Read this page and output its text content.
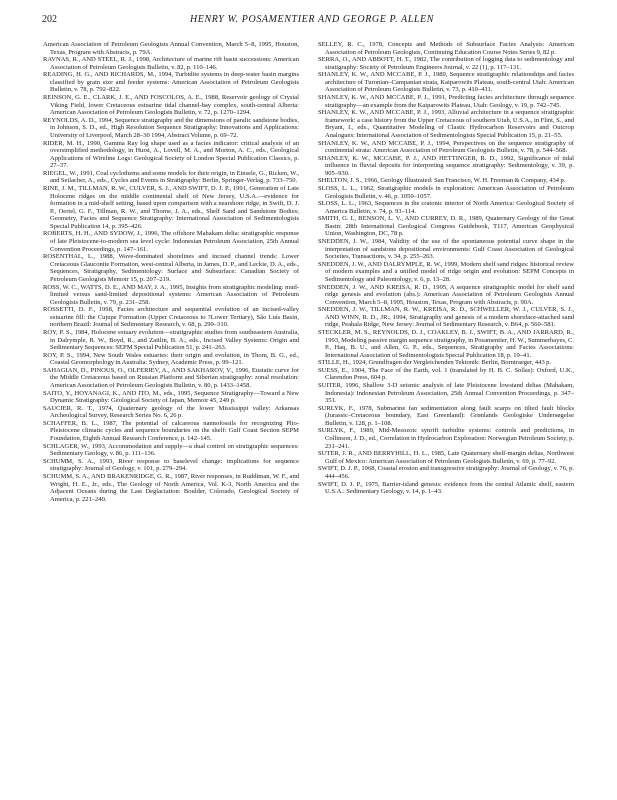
202	HENRY W. POSAMENTIER AND GEORGE P. ALLEN

American Association of Petroleum Geologists Annual Convention, March 5–8, 1995, Houston, Texas, Program with Abstracts, p. 79A.

RAVNAS, R., AND STEEL, R. J., 1998, Architecture of marine rift basin successions: American Association of Petroleum Geologists Bulletin, v. 82, p. 110–146.

READING, H. G., AND RICHARDS, M., 1994, Turbidite systems in deep-water basin margins classified by grain size and feeder systems: American Association of Petroleum Geologists Bulletin, v. 78, p. 792–822.

REINSON, G. E., CLARK, J. E., AND FOSCOLOS, A. E., 1988, Reservoir geology of Crystal Viking Field, lower Cretaceous estuarine tidal channel-bay complex, south-central Alberta: American Association of Petroleum Geologists Bulletin, v. 72, p. 1270–1294.

REYNOLDS, A. D., 1994, Sequence stratigraphy and the dimensions of paralic sandstone bodies, in Johnson, S. D., ed., High Resolution Sequence Stratigraphy: Innovations and Applications: University of Liverpool, March 28–30 1994, Abstract Volume, p. 69–72.

RIDER, M. H., 1990, Gamma Ray log shape used as a facies indicator: critical analysis of an oversimplified methodology, in Hurst, A., Lovell, M. A., and Morton, A. C., eds., Geological Applications of Wireline Logs: Geological Society of London Special Publication Classics, p. 27–37.

RIEGEL, W., 1991, Coal cyclothems and some models for their origin, in Einsele, G., Ricken, W., and Seilacher, A., eds., Cycles and Events in Stratigraphy: Berlin, Springer-Verlag, p. 733–750.

RINE, J. M., TILLMAN, R. W., CULVER, S. J., AND SWIFT, D. J. P., 1991, Generation of Late Holocene ridges on the middle continental shelf of New Jersey, U.S.A.—evidence for formation in a mid-shelf setting, based upon comparison with a nearshore ridge, in Swift, D. J. P., Oertel, G. F., Tillman, R. W., and Thorne, J. A., eds., Shelf Sand and Sandstone Bodies; Geometry, Facies and Sequence Stratigraphy: International Association of Sedimentologists Special Publication 14, p. 395–426.

ROBERTS, H. H., AND SYDOW, J., 1996, The offshore Mahakam delta: stratigraphic response of late Pleistocene-to-modern sea level cycle: Indonesian Petroleum Association, 25th Annual Convention Proceedings, p. 147–161.

ROSENTHAL, L., 1988, Wave-dominated shorelines and incised channel trends: Lower Cretaceous Glauconite Formation, west-central Alberta, in James, D. P., and Leckie, D. A., eds., Sequences, Stratigraphy, Sedimentology: Surface and Subsurface: Canadian Society of Petroleum Geologists Memoir 15, p. 207–219.

ROSS, W. C., WATTS, D. E., AND MAY, J. A., 1995, Insights from stratigraphic modeling: mud-limited versus sand-limited depositional systems: American Association of Petroleum Geologists Bulletin, v. 79, p. 231–258.

ROSSETTI, D. F., 1998, Facies architecture and sequential evolution of an incised-valley estuarine fill: the Cujupe Formation (Upper Cretaceous to ?Lower Tertiary), São Luís Basin, northern Brazil: Journal of Sedimentary Research, v. 68, p. 299–310.

ROY, P. S., 1984, Holocene estuary evolution—stratigraphic studies from southeastern Australia, in Dalrymple, R. W., Boyd, R., and Zaitlin, B. A., eds., Incised Valley Systems: Origin and Sedimentary Sequences: SEPM Special Publication 51, p. 241–263.

ROY, P. S., 1994, New South Wales estuaries: their origin and evolution, in Thom, B. G., ed., Coastal Geomorphology in Australia: Sydney, Academic Press, p. 99–121.

SAHAGIAN, D., PINOUS, O., OLFERIEV, A., AND SAKHAROV, V., 1996, Eustatic curve for the Middle Cretaceous based on Russian Platform and Siberian stratigraphy: zonal resolution: American Association of Petroleum Geologists Bulletin, v. 80, p. 1433–1458.

SAITO, Y., HOYANAGI, K., AND ITO, M., eds., 1995, Sequence Stratigraphy—Toward a New Dynamic Stratigraphy: Geological Society of Japan, Memoir 45, 249 p.

SAUCIER, R. T., 1974, Quaternary geology of the lower Mississippi valley: Arkansas Archeological Survey, Research Series No. 6, 26 p.

SCHAFFER, B. L., 1987, The potential of calcareous nannofossils for recognizing Plio-Pleistocene climatic cycles and sequence boundaries on the shelf: Gulf Coast Section SEPM Foundation, Eighth Annual Research Conference, p. 142–145.

SCHLAGER, W., 1993, Accommodation and supply—a dual control on stratigraphic sequences: Sedimentary Geology, v. 86, p. 111–136.

SCHUMM, S. A., 1993, River response to baselevel change: implications for sequence stratigraphy: Journal of Geology, v. 101, p. 279–294.

SCHUMM, S. A., AND BRAKENRIDGE, G. R., 1987, River responses, in Ruddiman, W. F., and Wright, H. E., Jr., eds., The Geology of North America, Vol. K-3, North America and the Adjacent Oceans during the Last Deglaciation: Boulder, Colorado, Geological Society of America, p. 221–240.

SELLEY, R. C., 1978, Concepts and Methods of Subsurface Facies Analysis: American Association of Petroleum Geologists, Continuing Education Course Notes Series 9, 82 p.

SERRA, O., AND ABBOTT, H. T., 1982, The contribution of logging data to sedimentology and stratigraphy: Society of Petroleum Engineers Journal, v. 22 (1), p. 117–131.

SHANLEY, K. W., AND MCCABE, P. J., 1989, Sequence stratigraphic relationships and facies architecture of Turonian–Campanian strata, Kaiparowits Plateau, south-central Utah: American Association of Petroleum Geologists Bulletin, v. 73, p. 410–411.

SHANLEY, K. W., AND MCCABE, P. J., 1991, Predicting facies architecture through sequence stratigraphy—an example from the Kaiparowits Plateau, Utah: Geology, v. 19, p. 742–745.

SHANLEY, K. W., AND MCCABE, P. J., 1993, Alluvial architecture in a sequence stratigraphic framework: a case history from the Upper Cretaceous of southern Utah, U.S.A., in Flint, S., and Bryant, I., eds., Quantitative Modeling of Clastic Hydrocarbon Reservoirs and Outcrop Analogues: International Association of Sedimentologists Special Publication 15, p. 21–55.

SHANLEY, K. W., AND MCCABE, P. J., 1994, Perspectives on the sequence stratigraphy of continental strata: American Association of Petroleum Geologists Bulletin, v. 78, p. 544–568.

SHANLEY, K. W., MCCABE, P. J., AND HETTINGER, R. D., 1992, Significance of tidal influence in fluvial deposits for interpreting sequence stratigraphy: Sedimentology, v. 39, p. 905–930.

SHELTON, J. S., 1966, Geology Illustrated: San Francisco, W. H. Freeman & Company, 434 p.

SLOSS, L. L., 1962, Stratigraphic models in exploration: American Association of Petroleum Geologists Bulletin, v. 46, p. 1050–1057.

SLOSS, L. L., 1963, Sequences in the cratonic interior of North America: Geological Society of America Bulletin, v. 74, p. 93–114.

SMITH, G. I., BENSON, L. V., AND CURREY, D. R., 1989, Quaternary Geology of the Great Basin: 28th International Geological Congress Guidebook, T117, American Geophysical Union, Washington, DC, 78 p.

SNEDDEN, J. W., 1984, Validity of the use of the spontaneous potential curve shape in the interpretation of sandstone depositional environments: Gulf Coast Association of Geological Societies, Transactions, v. 34, p. 255–263.

SNEDDEN, J. W., AND DALRYMPLE, R. W., 1999, Modern shelf sand ridges: historical review of modern examples and a unified model of ridge origin and evolution: SEPM Concepts in Sedimentology and Paleontology, v. 6, p. 13–28.

SNEDDEN, J. W., AND KREISA, R. D., 1995, A sequence stratigraphic model for shelf sand ridge genesis and evolution (abs.): American Association of Petroleum Geologists Annual Convention, March 5–8, 1995, Houston, Texas, Program with Abstracts, p. 90A.

SNEDDEN, J. W., TILLMAN, R. W., KREISA, R. D., SCHWELLER, W. J., CULVER, S. J., AND WINN, R. D., JR., 1994, Stratigraphy and genesis of a modern shoreface-attached sand ridge, Peahala Ridge, New Jersey: Journal of Sedimentary Research, v. B64, p. 560–581.

STECKLER, M. S., REYNOLDS, D. J., COAKLEY, B. J., SWIFT, B. A., AND JARRARD, R., 1993, Modeling passive margin sequence stratigraphy, in Posamentier, H. W., Summerhayes, C. P., Haq, B. U., and Allen, G. P., eds., Sequences, Stratigraphy and Facies Associations: International Association of Sedimentologists Special Publication 18, p. 19–41.

STILLE, H., 1924, Grundfragen der Vergleichenden Tektonik: Berlin, Borntraeger, 443 p.

SUESS, E., 1904, The Face of the Earth, vol. 1 (translated by H. B. C. Sollas): Oxford, U.K., Clarendon Press, 604 p.

SUITER, 1996, Shallow 3-D seismic analysis of late Pleistocene lowstand deltas (Mahakam, Indonesia): Indonesian Petroleum Association, 25th Annual Convention Proceedings, p. 347–351.

SURLYK, F., 1978, Submarine fan sedimentation along fault scarps on tilted fault blocks (Jurassic–Cretaceous boundary, East Greenland): Grønlands Geologiske Undersøgelse Bulletin, v. 128, p. 1–108.

SURLYK, F., 1989, Mid-Mesozoic synrift turbidite systems: controls and predictions, in Collinson, J. D., ed., Correlation in Hydrocarbon Exploration: Norwegian Petroleum Society, p. 231–241.

SUTER, J. R., AND BERRYHILL, H. L., 1985, Late Quaternary shelf-margin deltas, Northwest Gulf of Mexico: American Association of Petroleum Geologists Bulletin, v. 69, p. 77–92.

SWIFT, D. J. P., 1968, Coastal erosion and transgressive stratigraphy: Journal of Geology, v. 76, p. 444–456.

SWIFT, D. J. P., 1975, Barrier-island genesis: evidence from the central Atlantic shelf, eastern U.S.A.: Sedimentary Geology, v. 14, p. 1–43.
